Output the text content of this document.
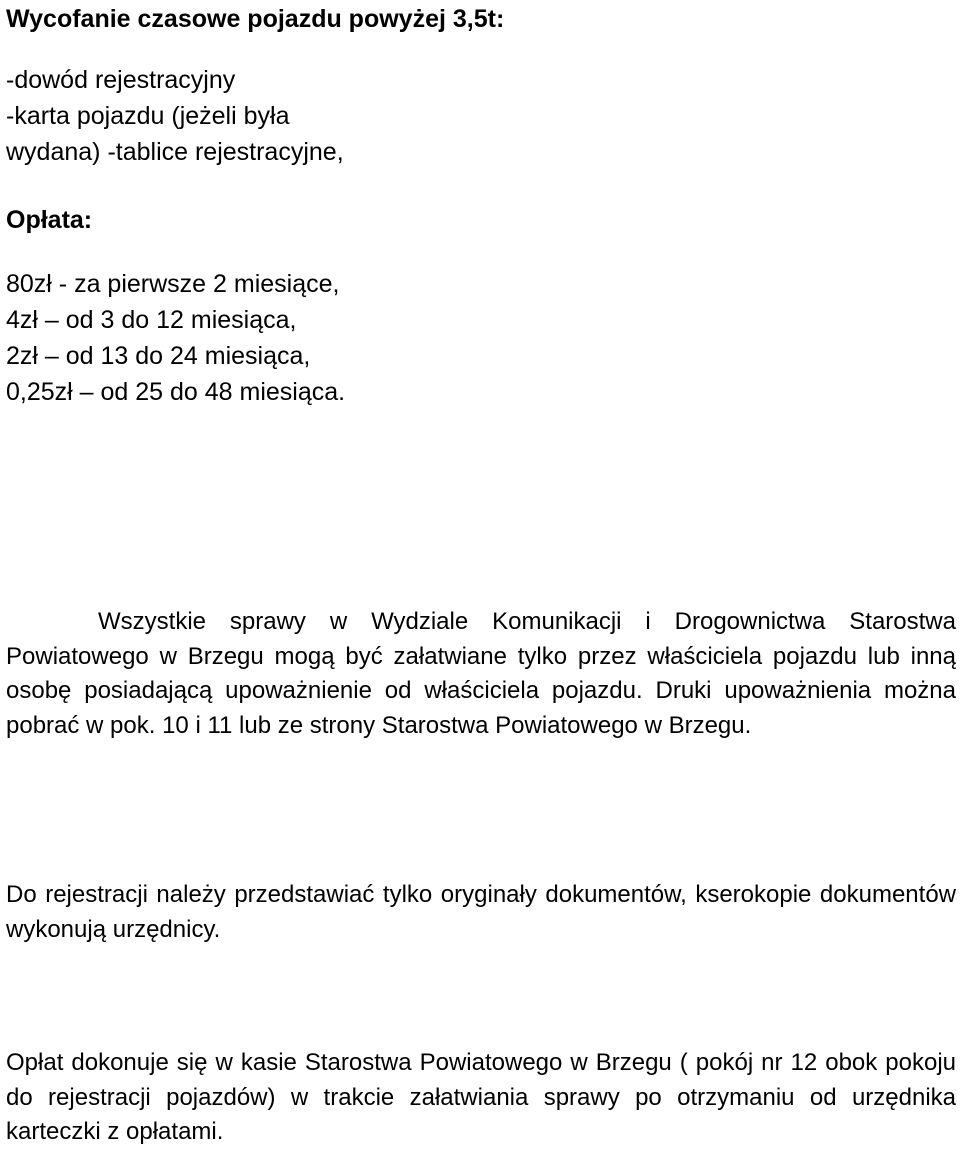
Wycofanie czasowe pojazdu powyżej 3,5t:
-dowód rejestracyjny
-karta pojazdu (jeżeli była
wydana) -tablice rejestracyjne,
Opłata:
80zł - za pierwsze 2 miesiące,
4zł – od 3 do 12 miesiąca,
2zł – od 13 do 24 miesiąca,
0,25zł – od 25 do 48 miesiąca.

Wszystkie sprawy w Wydziale Komunikacji i Drogownictwa Starostwa Powiatowego w Brzegu mogą być załatwiane tylko przez właściciela pojazdu lub inną osobę posiadającą upoważnienie od właściciela pojazdu. Druki upoważnienia można pobrać w pok. 10 i 11 lub ze strony Starostwa Powiatowego w Brzegu.

Do rejestracji należy przedstawiać tylko oryginały dokumentów, kserokopie dokumentów wykonują urzędnicy.

Opłat dokonuje się w kasie Starostwa Powiatowego w Brzegu ( pokój nr 12 obok pokoju do rejestracji pojazdów) w trakcie załatwiania sprawy po otrzymaniu od urzędnika karteczki z opłatami.
